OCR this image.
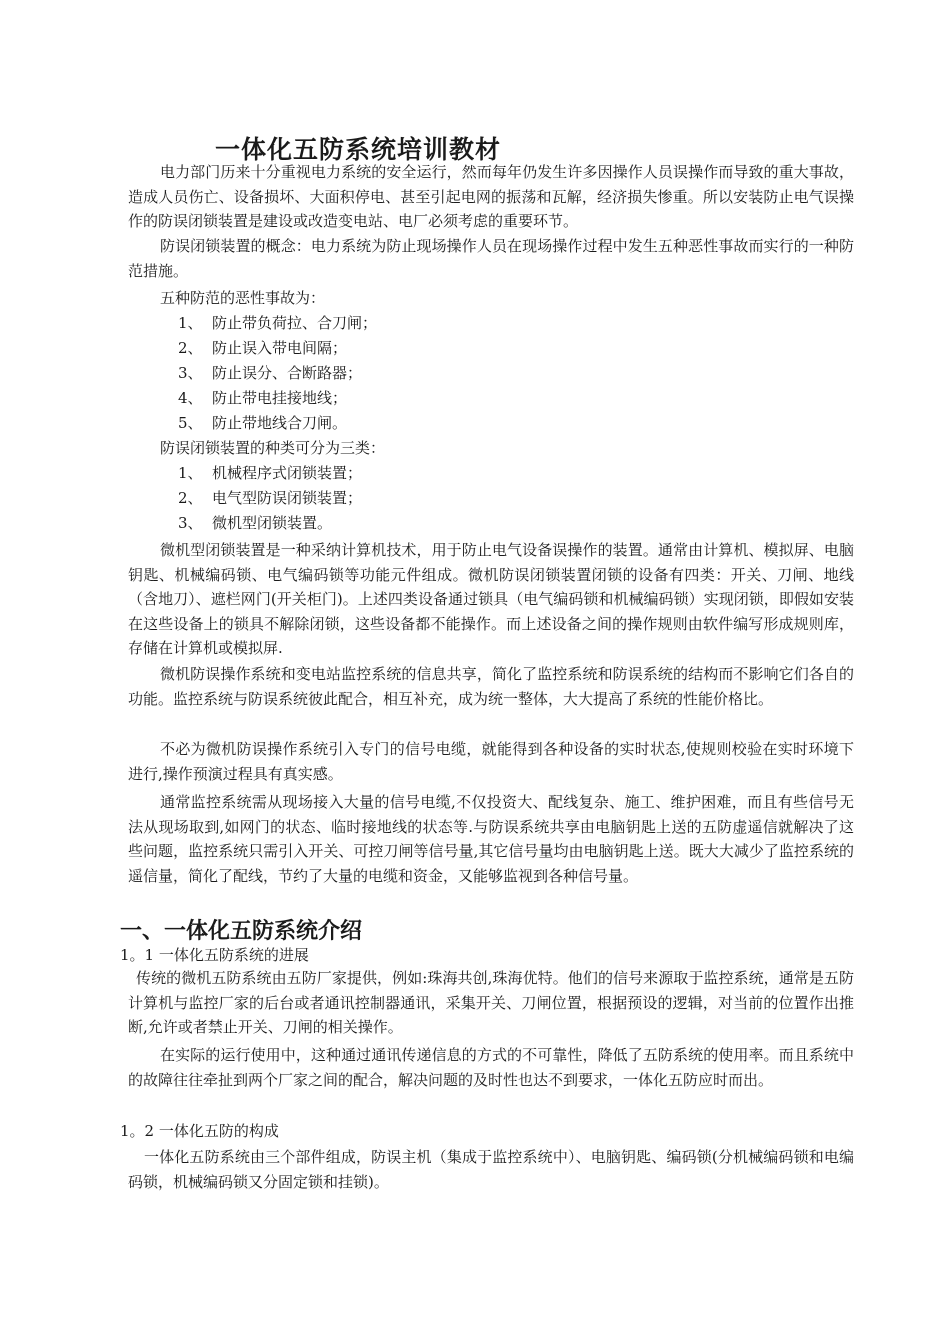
一体化五防系统培训教材

电力部门历来十分重视电力系统的安全运行，然而每年仍发生许多因操作人员误操作而导致的重大事故，造成人员伤亡、设备损坏、大面积停电、甚至引起电网的振荡和瓦解，经济损失惨重。所以安装防止电气误操作的防误闭锁装置是建设或改造变电站、电厂必须考虑的重要环节。

防误闭锁装置的概念：电力系统为防止现场操作人员在现场操作过程中发生五种恶性事故而实行的一种防范措施。

五种防范的恶性事故为：

1、 防止带负荷拉、合刀闸；
2、 防止误入带电间隔；
3、 防止误分、合断路器；
4、 防止带电挂接地线；
5、 防止带地线合刀闸。

防误闭锁装置的种类可分为三类：

1、 机械程序式闭锁装置；
2、 电气型防误闭锁装置；
3、 微机型闭锁装置。

微机型闭锁装置是一种采纳计算机技术，用于防止电气设备误操作的装置。通常由计算机、模拟屏、电脑钥匙、机械编码锁、电气编码锁等功能元件组成。微机防误闭锁装置闭锁的设备有四类：开关、刀闸、地线（含地刀）、遮栏网门(开关柜门)。上述四类设备通过锁具（电气编码锁和机械编码锁）实现闭锁，即假如安装在这些设备上的锁具不解除闭锁，这些设备都不能操作。而上述设备之间的操作规则由软件编写形成规则库，存储在计算机或模拟屏.

微机防误操作系统和变电站监控系统的信息共享，简化了监控系统和防误系统的结构而不影响它们各自的功能。监控系统与防误系统彼此配合，相互补充，成为统一整体，大大提高了系统的性能价格比。

不必为微机防误操作系统引入专门的信号电缆，就能得到各种设备的实时状态,使规则校验在实时环境下进行,操作预演过程具有真实感。

通常监控系统需从现场接入大量的信号电缆,不仅投资大、配线复杂、施工、维护困难，而且有些信号无法从现场取到,如网门的状态、临时接地线的状态等.与防误系统共享由电脑钥匙上送的五防虚遥信就解决了这些问题，监控系统只需引入开关、可控刀闸等信号量,其它信号量均由电脑钥匙上送。既大大减少了监控系统的遥信量，简化了配线，节约了大量的电缆和资金，又能够监视到各种信号量。

一、一体化五防系统介绍
1。1 一体化五防系统的进展

传统的微机五防系统由五防厂家提供，例如:珠海共创,珠海优特。他们的信号来源取于监控系统，通常是五防计算机与监控厂家的后台或者通讯控制器通讯，采集开关、刀闸位置，根据预设的逻辑，对当前的位置作出推断,允许或者禁止开关、刀闸的相关操作。

在实际的运行使用中，这种通过通讯传递信息的方式的不可靠性，降低了五防系统的使用率。而且系统中的故障往往牵扯到两个厂家之间的配合，解决问题的及时性也达不到要求，一体化五防应时而出。

1。2 一体化五防的构成

一体化五防系统由三个部件组成，防误主机（集成于监控系统中）、电脑钥匙、编码锁(分机械编码锁和电编码锁，机械编码锁又分固定锁和挂锁)。
